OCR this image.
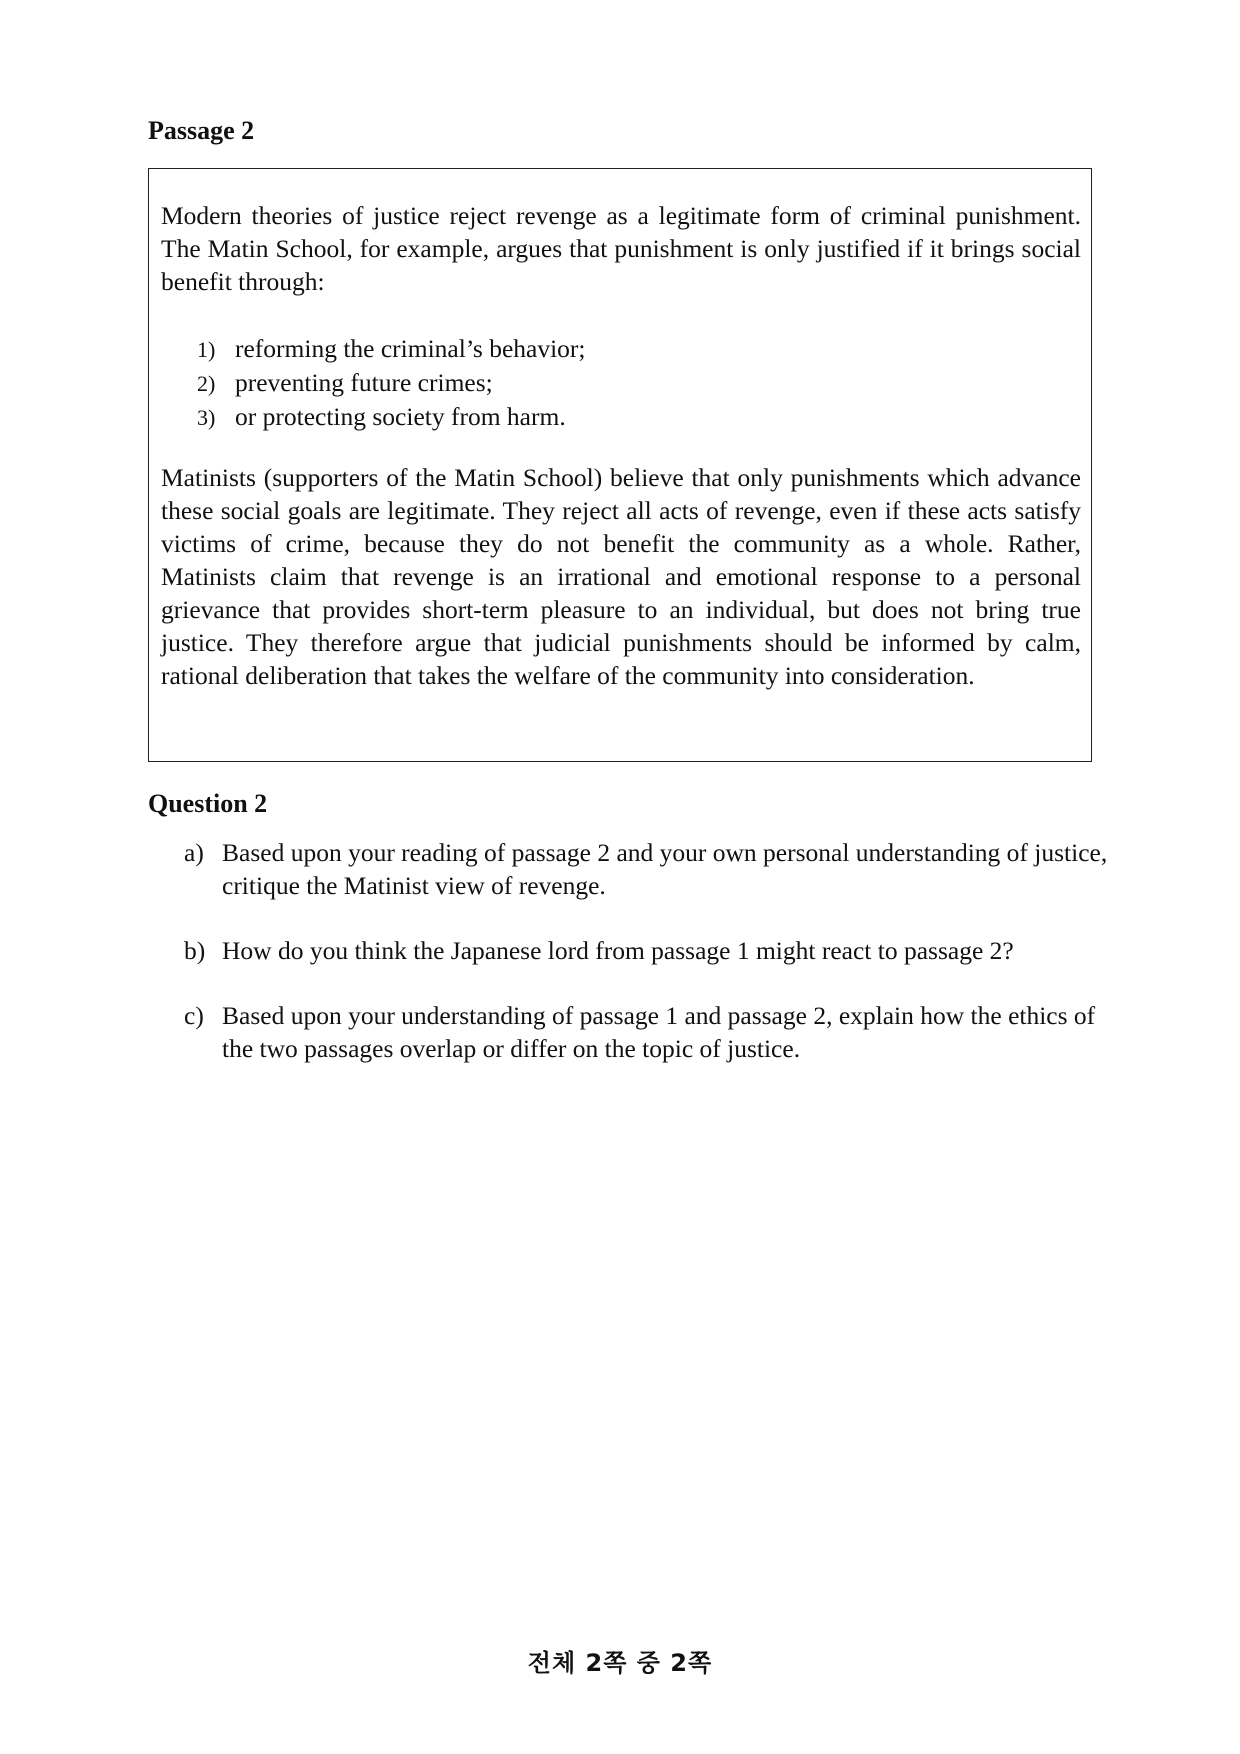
Passage 2

Modern theories of justice reject revenge as a legitimate form of criminal punishment. The Matin School, for example, argues that punishment is only justified if it brings social benefit through:

1) reforming the criminal’s behavior;
2) preventing future crimes;
3) or protecting society from harm.

Matinists (supporters of the Matin School) believe that only punishments which advance these social goals are legitimate. They reject all acts of revenge, even if these acts satisfy victims of crime, because they do not benefit the community as a whole. Rather, Matinists claim that revenge is an irrational and emotional response to a personal grievance that provides short-term pleasure to an individual, but does not bring true justice. They therefore argue that judicial punishments should be informed by calm, rational deliberation that takes the welfare of the community into consideration.

Question 2
a) Based upon your reading of passage 2 and your own personal understanding of justice, critique the Matinist view of revenge.
b) How do you think the Japanese lord from passage 1 might react to passage 2?
c) Based upon your understanding of passage 1 and passage 2, explain how the ethics of the two passages overlap or differ on the topic of justice.
전체 2쪽 중 2쪽
